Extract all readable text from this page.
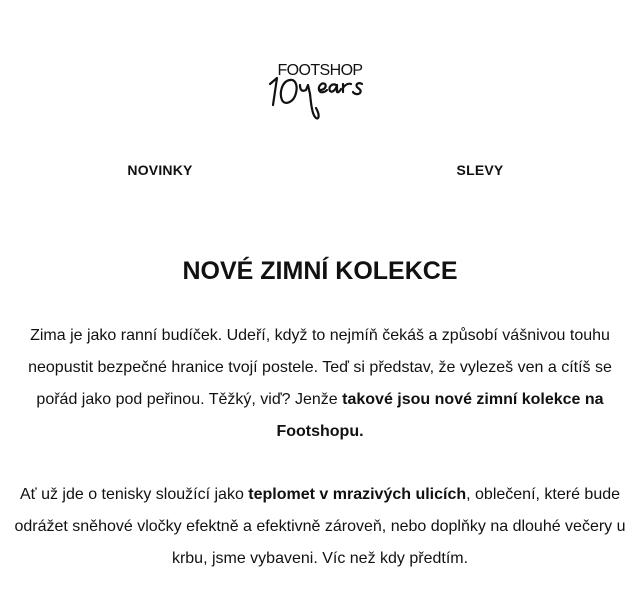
FOOTSHOP
NOVINKY	SLEVY
NOVÉ ZIMNÍ KOLEKCE

Zima je jako ranní budíček. Udeří, když to nejmíň čekáš a způsobí vášnivou touhu neopustit bezpečné hranice tvojí postele. Teď si představ, že vylezeš ven a cítíš se pořád jako pod peřinou. Těžký, viď? Jenže takové jsou nové zimní kolekce na Footshopu.

Ať už jde o tenisky sloužící jako teplomet v mrazivých ulicích, oblečení, které bude odrážet sněhové vločky efektně a efektivně zároveň, nebo doplňky na dlouhé večery u krbu, jsme vybaveni. Víc než kdy předtím.
